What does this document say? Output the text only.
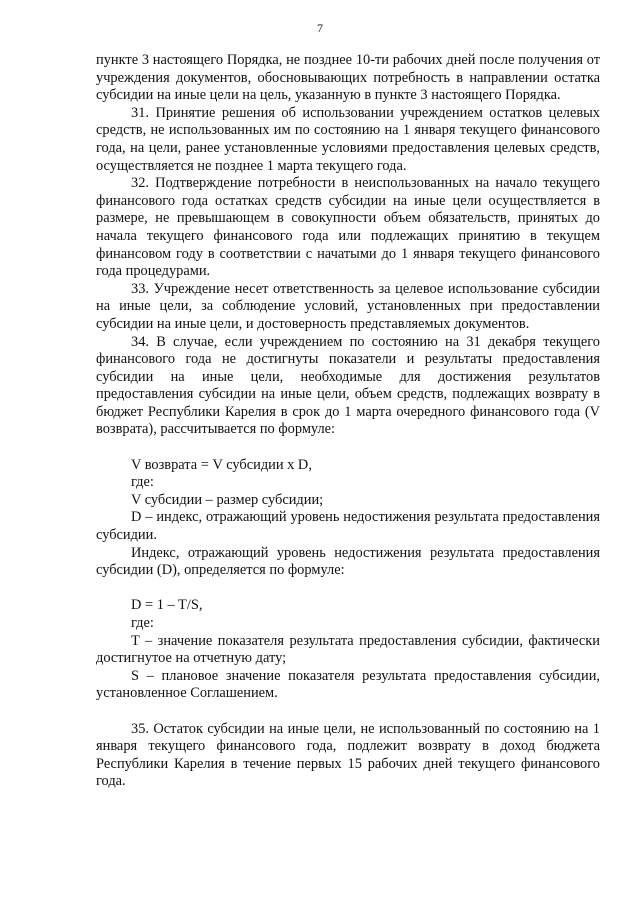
7

пункте 3 настоящего Порядка, не позднее 10-ти рабочих дней после получения от учреждения документов, обосновывающих потребность в направлении остатка субсидии на иные цели на цель, указанную в пункте 3 настоящего Порядка.

31. Принятие решения об использовании учреждением остатков целевых средств, не использованных им по состоянию на 1 января текущего финансового года, на цели, ранее установленные условиями предоставления целевых средств, осуществляется не позднее 1 марта текущего года.

32. Подтверждение потребности в неиспользованных на начало текущего финансового года остатках средств субсидии на иные цели осуществляется в размере, не превышающем в совокупности объем обязательств, принятых до начала текущего финансового года или подлежащих принятию в текущем финансовом году в соответствии с начатыми до 1 января текущего финансового года процедурами.

33. Учреждение несет ответственность за целевое использование субсидии на иные цели, за соблюдение условий, установленных при предоставлении субсидии на иные цели, и достоверность представляемых документов.

34. В случае, если учреждением по состоянию на 31 декабря текущего финансового года не достигнуты показатели и результаты предоставления субсидии на иные цели, необходимые для достижения результатов предоставления субсидии на иные цели, объем средств, подлежащих возврату в бюджет Республики Карелия в срок до 1 марта очередного финансового года (V возврата), рассчитывается по формуле:

V возврата = V субсидии x D,

где:

V субсидии – размер субсидии;

D – индекс, отражающий уровень недостижения результата предоставления субсидии.

Индекс, отражающий уровень недостижения результата предоставления субсидии (D), определяется по формуле:

D = 1 – T/S,

где:

T – значение показателя результата предоставления субсидии, фактически достигнутое на отчетную дату;

S – плановое значение показателя результата предоставления субсидии, установленное Соглашением.

35. Остаток субсидии на иные цели, не использованный по состоянию на 1 января текущего финансового года, подлежит возврату в доход бюджета Республики Карелия в течение первых 15 рабочих дней текущего финансового года.
